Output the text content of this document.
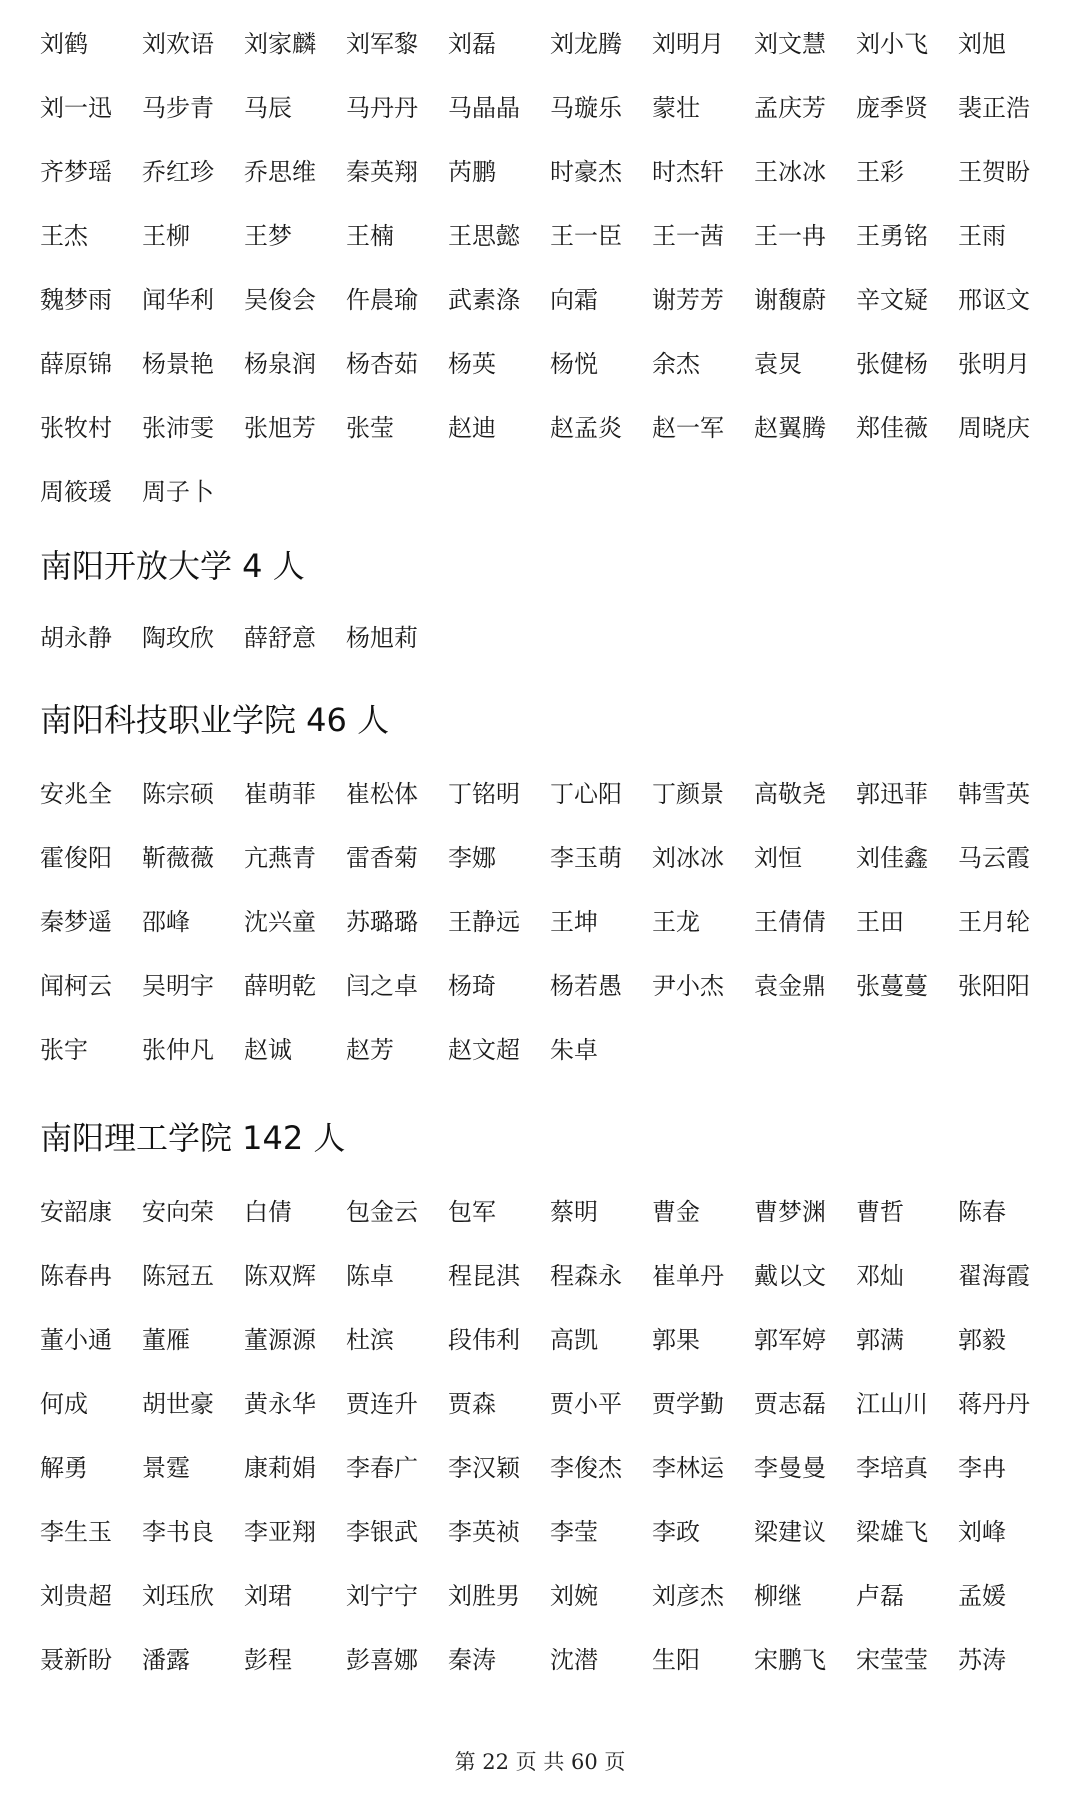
刘鹤	刘欢语	刘家麟	刘军黎	刘磊	刘龙腾	刘明月	刘文慧	刘小飞	刘旭
刘一迅	马步青	马辰	马丹丹	马晶晶	马璇乐	蒙壮	孟庆芳	庞季贤	裴正浩
齐梦瑶	乔红珍	乔思维	秦英翔	芮鹏	时豪杰	时杰轩	王冰冰	王彩	王贺盼
王杰	王柳	王梦	王楠	王思懿	王一臣	王一茜	王一冉	王勇铭	王雨
魏梦雨	闻华利	吴俊会	仵晨瑜	武素涤	向霜	谢芳芳	谢馥蔚	辛文疑	邢讴文
薛原锦	杨景艳	杨泉润	杨杏茹	杨英	杨悦	余杰	袁炅	张健杨	张明月
张牧村	张沛雯	张旭芳	张莹	赵迪	赵孟炎	赵一军	赵翼腾	郑佳薇	周晓庆
周筱瑗	周子卜
南阳开放大学 4 人
胡永静	陶玫欣	薛舒意	杨旭莉
南阳科技职业学院 46 人
安兆全	陈宗硕	崔萌菲	崔松体	丁铭明	丁心阳	丁颜景	高敬尧	郭迅菲	韩雪英
霍俊阳	靳薇薇	亢燕青	雷香菊	李娜	李玉萌	刘冰冰	刘恒	刘佳鑫	马云霞
秦梦遥	邵峰	沈兴童	苏璐璐	王静远	王坤	王龙	王倩倩	王田	王月轮
闻柯云	吴明宇	薛明乾	闫之卓	杨琦	杨若愚	尹小杰	袁金鼎	张蔓蔓	张阳阳
张宇	张仲凡	赵诚	赵芳	赵文超	朱卓
南阳理工学院 142 人
安韶康	安向荣	白倩	包金云	包军	蔡明	曹金	曹梦渊	曹哲	陈春
陈春冉	陈冠五	陈双辉	陈卓	程昆淇	程森永	崔单丹	戴以文	邓灿	翟海霞
董小通	董雁	董源源	杜滨	段伟利	高凯	郭果	郭军婷	郭满	郭毅
何成	胡世豪	黄永华	贾连升	贾森	贾小平	贾学勤	贾志磊	江山川	蒋丹丹
解勇	景霆	康莉娟	李春广	李汉颖	李俊杰	李林运	李曼曼	李培真	李冉
李生玉	李书良	李亚翔	李银武	李英祯	李莹	李政	梁建议	梁雄飞	刘峰
刘贵超	刘珏欣	刘珺	刘宁宁	刘胜男	刘婉	刘彦杰	柳继	卢磊	孟媛
聂新盼	潘露	彭程	彭喜娜	秦涛	沈潜	生阳	宋鹏飞	宋莹莹	苏涛
第 22 页 共 60 页
